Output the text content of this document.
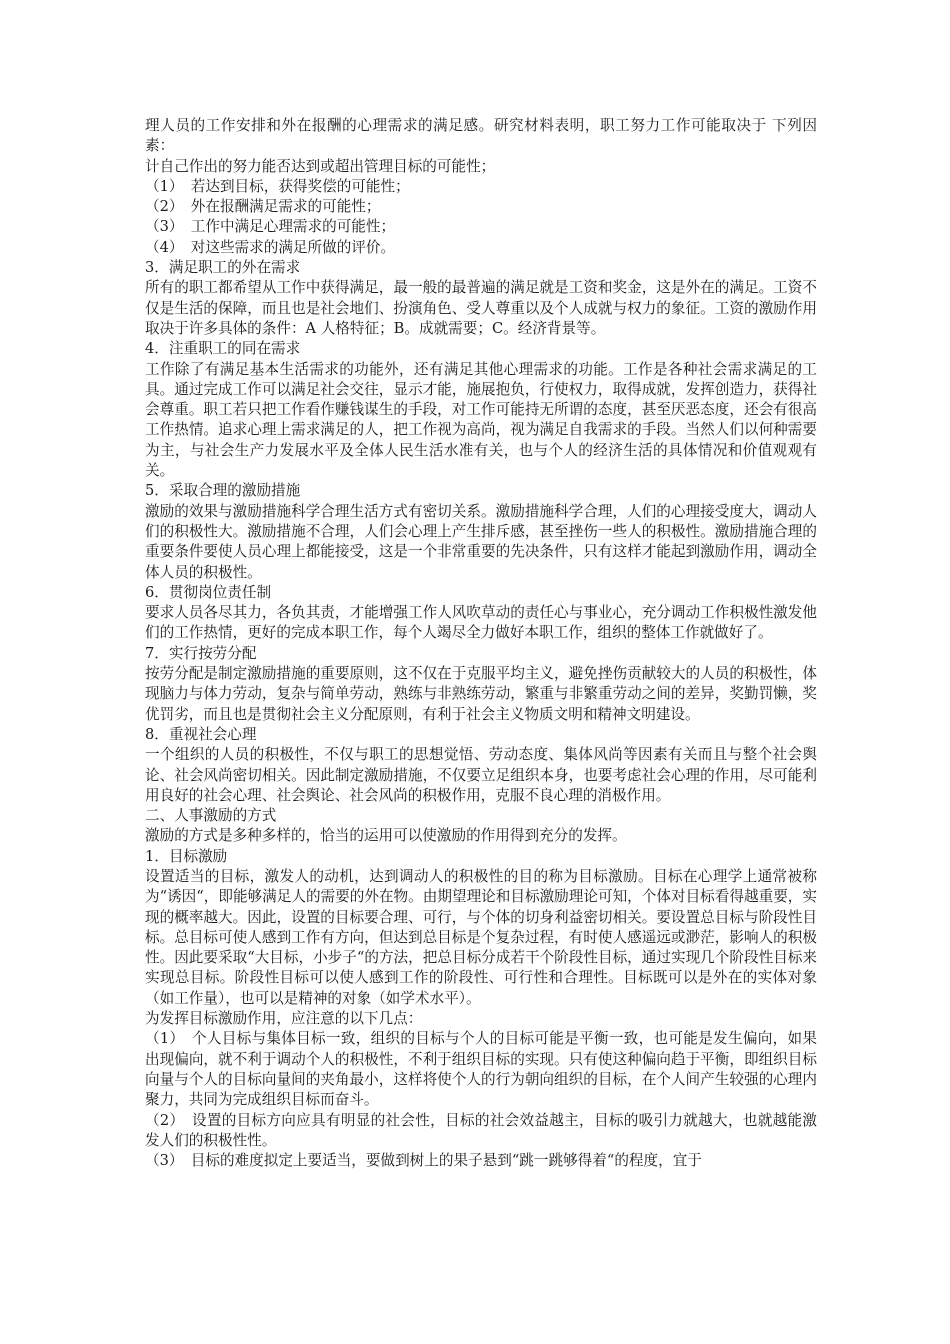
理人员的工作安排和外在报酬的心理需求的满足感。研究材料表明，职工努力工作可能取决于 下列因素：

计自己作出的努力能否达到或超出管理目标的可能性；

（1）　若达到目标，获得奖偿的可能性；

（2）　外在报酬满足需求的可能性；

（3）　工作中满足心理需求的可能性；

（4）　对这些需求的满足所做的评价。

3．满足职工的外在需求

所有的职工都希望从工作中获得满足，最一般的最普遍的满足就是工资和奖金，这是外在的满足。工资不仅是生活的保障，而且也是社会地们、扮演角色、受人尊重以及个人成就与权力的象征。工资的激励作用取决于许多具体的条件：A 人格特征；B。成就需要；C。经济背景等。

4．注重职工的同在需求

工作除了有满足基本生活需求的功能外，还有满足其他心理需求的功能。工作是各种社会需求满足的工具。通过完成工作可以满足社会交往，显示才能，施展抱负，行使权力，取得成就，发挥创造力，获得社会尊重。职工若只把工作看作赚钱谋生的手段，对工作可能持无所谓的态度，甚至厌恶态度，还会有很高工作热情。追求心理上需求满足的人，把工作视为高尚，视为满足自我需求的手段。当然人们以何种需要为主，与社会生产力发展水平及全体人民生活水准有关，也与个人的经济生活的具体情况和价值观观有关。

5．采取合理的激励措施

激励的效果与激励措施科学合理生活方式有密切关系。激励措施科学合理，人们的心理接受度大，调动人们的积极性大。激励措施不合理，人们会心理上产生排斥感，甚至挫伤一些人的积极性。激励措施合理的重要条件要使人员心理上都能接受，这是一个非常重要的先决条件，只有这样才能起到激励作用，调动全体人员的积极性。

6．贯彻岗位责任制

要求人员各尽其力，各负其责，才能增强工作人风吹草动的责任心与事业心，充分调动工作积极性激发他们的工作热情，更好的完成本职工作，每个人竭尽全力做好本职工作，组织的整体工作就做好了。

7．实行按劳分配

按劳分配是制定激励措施的重要原则，这不仅在于克服平均主义，避免挫伤贡献较大的人员的积极性，体现脑力与体力劳动，复杂与简单劳动，熟练与非熟练劳动，繁重与非繁重劳动之间的差异，奖勤罚懒，奖优罚劣，而且也是贯彻社会主义分配原则，有利于社会主义物质文明和精神文明建设。

8．重视社会心理

一个组织的人员的积极性，不仅与职工的思想觉悟、劳动态度、集体风尚等因素有关而且与整个社会舆论、社会风尚密切相关。因此制定激励措施，不仅要立足组织本身，也要考虑社会心理的作用，尽可能利用良好的社会心理、社会舆论、社会风尚的积极作用，克服不良心理的消极作用。

二、人事激励的方式

激励的方式是多种多样的，恰当的运用可以使激励的作用得到充分的发挥。

1．目标激励

设置适当的目标，激发人的动机，达到调动人的积极性的目的称为目标激励。目标在心理学上通常被称为“诱因“，即能够满足人的需要的外在物。由期望理论和目标激励理论可知，个体对目标看得越重要，实现的概率越大。因此，设置的目标要合理、可行，与个体的切身利益密切相关。要设置总目标与阶段性目标。总目标可使人感到工作有方向，但达到总目标是个复杂过程，有时使人感遥远或渺茫，影响人的积极性。因此要采取“大目标，小步子“的方法，把总目标分成若干个阶段性目标，通过实现几个阶段性目标来实现总目标。阶段性目标可以使人感到工作的阶段性、可行性和合理性。目标既可以是外在的实体对象（如工作量），也可以是精神的对象（如学术水平）。

为发挥目标激励作用，应注意的以下几点：

（1）　个人目标与集体目标一致，组织的目标与个人的目标可能是平衡一致，也可能是发生偏向，如果出现偏向，就不利于调动个人的积极性，不利于组织目标的实现。只有使这种偏向趋于平衡，即组织目标向量与个人的目标向量间的夹角最小，这样将使个人的行为朝向组织的目标，在个人间产生较强的心理内聚力，共同为完成组织目标而奋斗。

（2）　设置的目标方向应具有明显的社会性，目标的社会效益越主，目标的吸引力就越大，也就越能激发人们的积极性性。

（3）　目标的难度拟定上要适当，要做到树上的果子悬到“跳一跳够得着“的程度，宜于
